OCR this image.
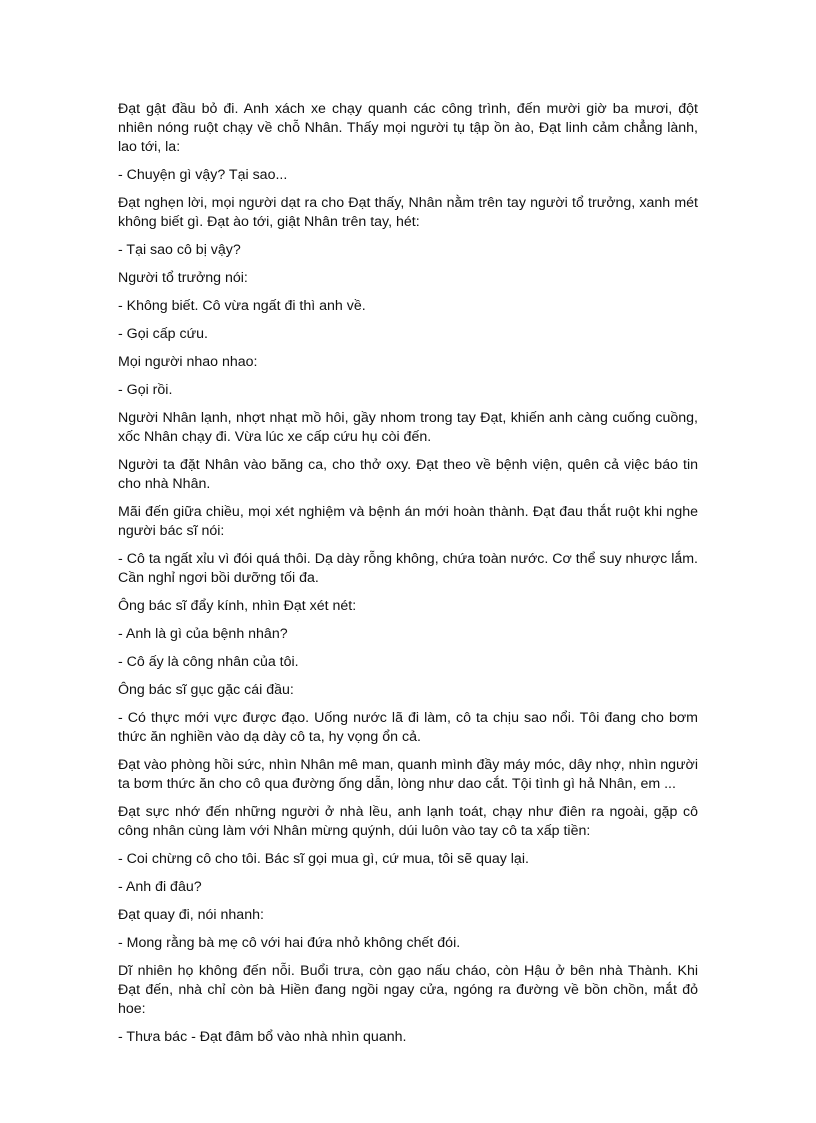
Đạt gật đầu bỏ đi. Anh xách xe chạy quanh các công trình, đến mười giờ ba mươi, đột nhiên nóng ruột chạy về chỗ Nhân. Thấy mọi người tụ tập ồn ào, Đạt linh cảm chẳng lành, lao tới, la:

- Chuyện gì vậy? Tại sao...

Đạt nghẹn lời, mọi người dạt ra cho Đạt thấy, Nhân nằm trên tay người tổ trưởng, xanh mét không biết gì. Đạt ào tới, giật Nhân trên tay, hét:

- Tại sao cô bị vậy?

Người tổ trưởng nói:

- Không biết. Cô vừa ngất đi thì anh về.

- Gọi cấp cứu.

Mọi người nhao nhao:

- Gọi rồi.

Người Nhân lạnh, nhợt nhạt mồ hôi, gầy nhom trong tay Đạt, khiến anh càng cuống cuồng, xốc Nhân chạy đi. Vừa lúc xe cấp cứu hụ còi đến.

Người ta đặt Nhân vào băng ca, cho thở oxy. Đạt theo về bệnh viện, quên cả việc báo tin cho nhà Nhân.

Mãi đến giữa chiều, mọi xét nghiệm và bệnh án mới hoàn thành. Đạt đau thắt ruột khi nghe người bác sĩ nói:

- Cô ta ngất xỉu vì đói quá thôi. Dạ dày rỗng không, chứa toàn nước. Cơ thể suy nhược lắm. Cần nghỉ ngơi bồi dưỡng tối đa.

Ông bác sĩ đẩy kính, nhìn Đạt xét nét:

- Anh là gì của bệnh nhân?

- Cô ấy là công nhân của tôi.

Ông bác sĩ gục gặc cái đầu:

- Có thực mới vực được đạo. Uống nước lã đi làm, cô ta chịu sao nổi. Tôi đang cho bơm thức ăn nghiền vào dạ dày cô ta, hy vọng ổn cả.

Đạt vào phòng hồi sức, nhìn Nhân mê man, quanh mình đầy máy móc, dây nhợ, nhìn người ta bơm thức ăn cho cô qua đường ống dẫn, lòng như dao cắt. Tội tình gì hả Nhân, em ...

Đạt sực nhớ đến những người ở nhà lều, anh lạnh toát, chạy như điên ra ngoài, gặp cô công nhân cùng làm với Nhân mừng quýnh, dúi luôn vào tay cô ta xấp tiền:

- Coi chừng cô cho tôi. Bác sĩ gọi mua gì, cứ mua, tôi sẽ quay lại.

- Anh đi đâu?

Đạt quay đi, nói nhanh:

- Mong rằng bà mẹ cô với hai đứa nhỏ không chết đói.

Dĩ nhiên họ không đến nỗi. Buổi trưa, còn gạo nấu cháo, còn Hậu ở bên nhà Thành. Khi Đạt đến, nhà chỉ còn bà Hiền đang ngồi ngay cửa, ngóng ra đường về bồn chồn, mắt đỏ hoe:

- Thưa bác - Đạt đâm bổ vào nhà nhìn quanh.
